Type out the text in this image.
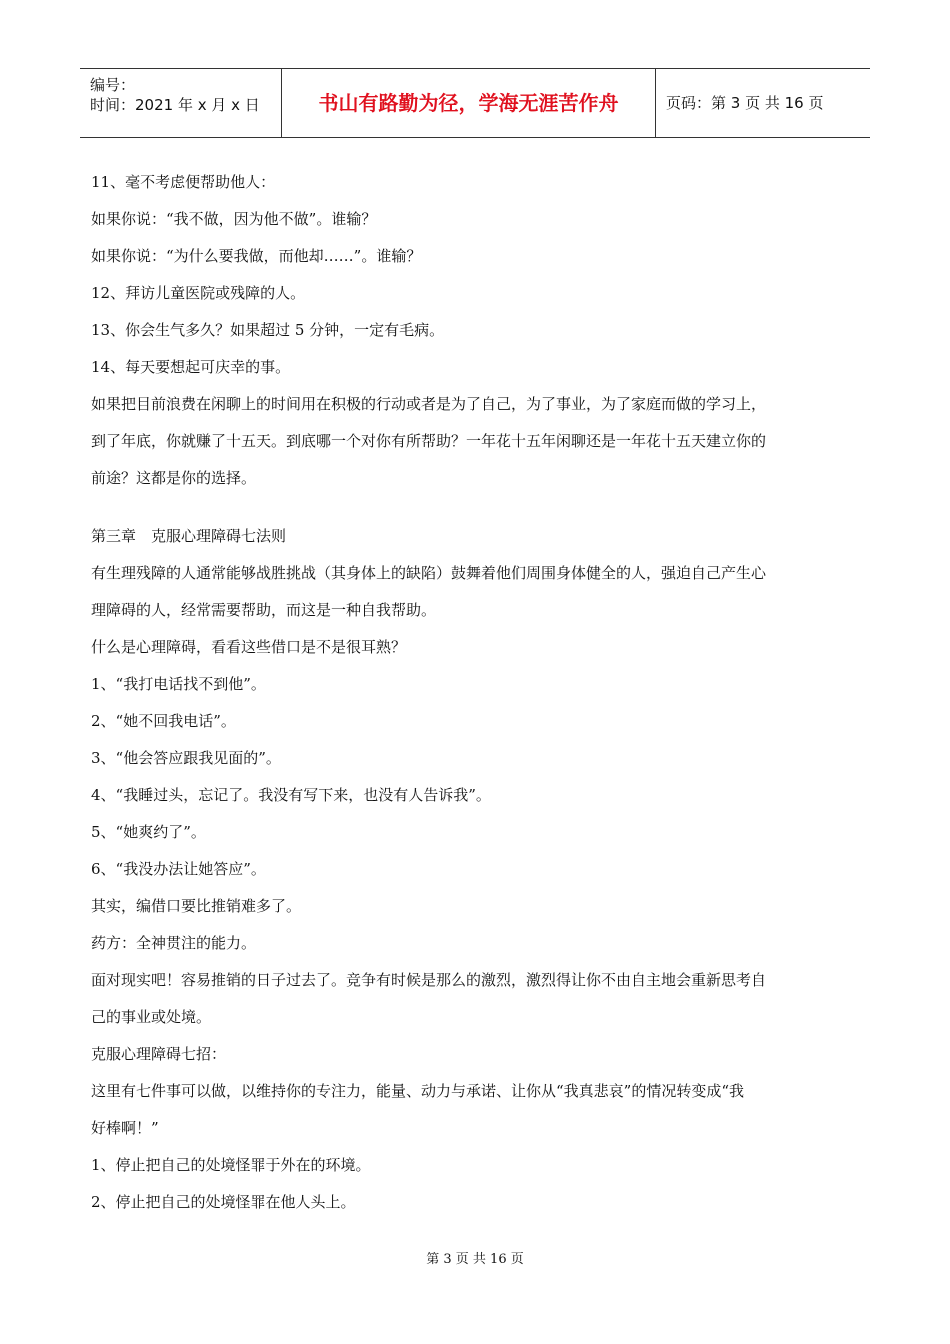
编号：
时间：2021 年 x 月 x 日	书山有路勤为径，学海无涯苦作舟	页码：第 3 页 共 16 页
11、毫不考虑便帮助他人：
如果你说：“我不做，因为他不做”。谁输？
如果你说：“为什么要我做，而他却……”。谁输？
12、拜访儿童医院或残障的人。
13、你会生气多久？如果超过 5 分钟，一定有毛病。
14、每天要想起可庆幸的事。
如果把目前浪费在闲聊上的时间用在积极的行动或者是为了自己，为了事业，为了家庭而做的学习上，
到了年底，你就赚了十五天。到底哪一个对你有所帮助？一年花十五年闲聊还是一年花十五天建立你的
前途？这都是你的选择。
第三章　克服心理障碍七法则
有生理残障的人通常能够战胜挑战（其身体上的缺陷）鼓舞着他们周围身体健全的人，强迫自己产生心
理障碍的人，经常需要帮助，而这是一种自我帮助。
什么是心理障碍，看看这些借口是不是很耳熟？
1、“我打电话找不到他”。
2、“她不回我电话”。
3、“他会答应跟我见面的”。
4、“我睡过头，忘记了。我没有写下来，也没有人告诉我”。
5、“她爽约了”。
6、“我没办法让她答应”。
其实，编借口要比推销难多了。
药方：全神贯注的能力。
面对现实吧！容易推销的日子过去了。竞争有时候是那么的激烈，激烈得让你不由自主地会重新思考自
己的事业或处境。
克服心理障碍七招：
这里有七件事可以做，以维持你的专注力，能量、动力与承诺、让你从“我真悲哀”的情况转变成“我
好棒啊！”
1、停止把自己的处境怪罪于外在的环境。
2、停止把自己的处境怪罪在他人头上。
第 3 页 共 16 页
